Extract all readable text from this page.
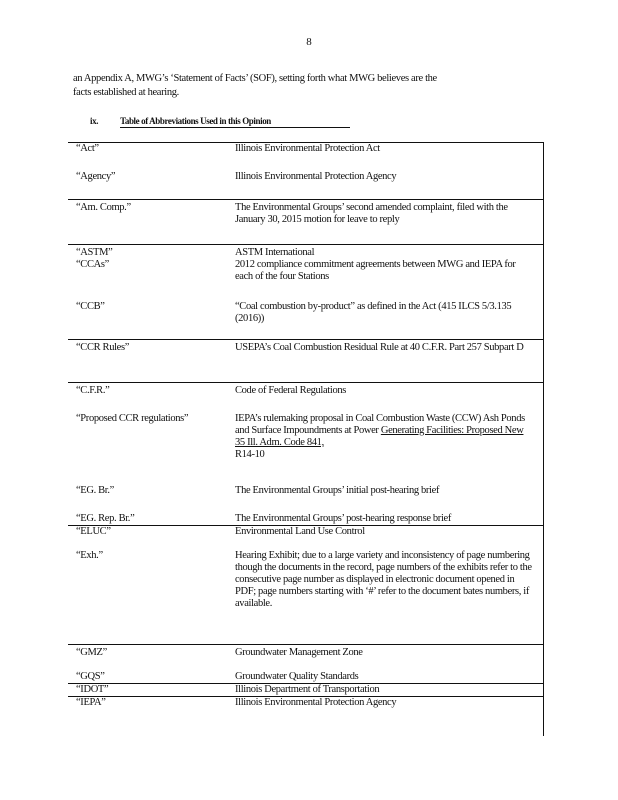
8
an Appendix A, MWG’s ‘Statement of Facts’ (SOF), setting forth what MWG believes are the
facts established at hearing.
ix. Table of Abbreviations Used in this Opinion
“Act”	Illinois Environmental Protection Act
“Agency”	Illinois Environmental Protection Agency
“Am. Comp.”	The Environmental Groups’ second amended complaint, filed with the January 30, 2015 motion for leave to reply
“ASTM”	ASTM International
“CCAs”	2012 compliance commitment agreements between MWG and IEPA for each of the four Stations
“CCB”	“Coal combustion by-product” as defined in the Act (415 ILCS 5/3.135 (2016))
“CCR Rules”	USEPA’s Coal Combustion Residual Rule at 40 C.F.R. Part 257 Subpart D
“C.F.R.”	Code of Federal Regulations
“Proposed CCR regulations”	IEPA’s rulemaking proposal in Coal Combustion Waste (CCW) Ash Ponds and Surface Impoundments at Power Generating Facilities: Proposed New 35 Ill. Adm. Code 841,
R14-10
“EG. Br.”	The Environmental Groups’ initial post-hearing brief
“EG. Rep. Br.”	The Environmental Groups’ post-hearing response brief
“ELUC”	Environmental Land Use Control
“Exh.”	Hearing Exhibit; due to a large variety and inconsistency of page numbering though the documents in the record, page numbers of the exhibits refer to the consecutive page number as displayed in electronic document opened in PDF; page numbers starting with ‘#’ refer to the document bates numbers, if available.
“GMZ”	Groundwater Management Zone
“GQS”	Groundwater Quality Standards
“IDOT”	Illinois Department of Transportation
“IEPA”	Illinois Environmental Protection Agency
